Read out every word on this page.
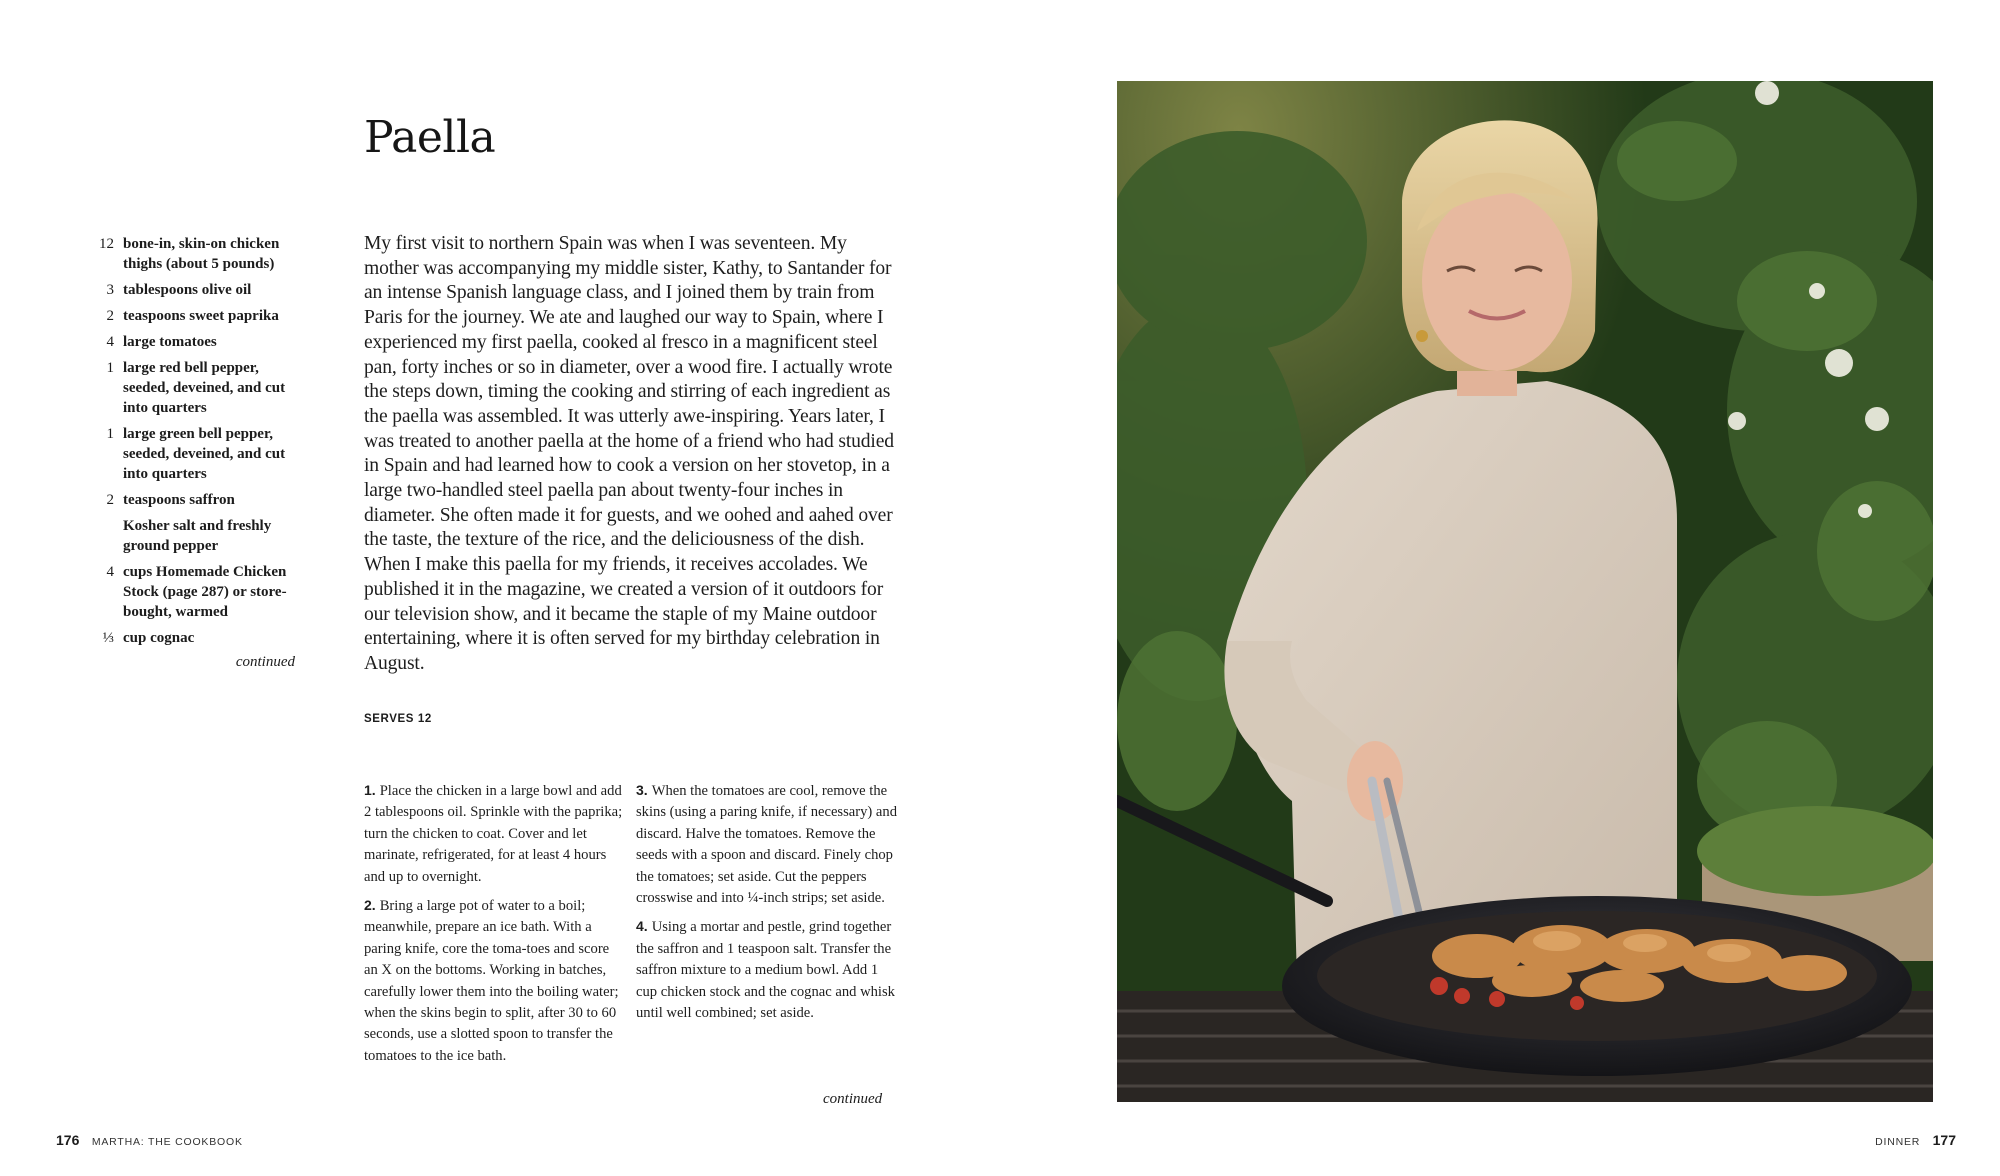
Paella
12 bone-in, skin-on chicken thighs (about 5 pounds)
3 tablespoons olive oil
2 teaspoons sweet paprika
4 large tomatoes
1 large red bell pepper, seeded, deveined, and cut into quarters
1 large green bell pepper, seeded, deveined, and cut into quarters
2 teaspoons saffron
Kosher salt and freshly ground pepper
4 cups Homemade Chicken Stock (page 287) or store-bought, warmed
⅓ cup cognac
continued

My first visit to northern Spain was when I was seventeen. My mother was accompanying my middle sister, Kathy, to Santander for an intense Spanish language class, and I joined them by train from Paris for the journey. We ate and laughed our way to Spain, where I experienced my first paella, cooked al fresco in a magnificent steel pan, forty inches or so in diameter, over a wood fire. I actually wrote the steps down, timing the cooking and stirring of each ingredient as the paella was assembled. It was utterly awe-inspiring. Years later, I was treated to another paella at the home of a friend who had studied in Spain and had learned how to cook a version on her stovetop, in a large two-handled steel paella pan about twenty-four inches in diameter. She often made it for guests, and we oohed and aahed over the taste, the texture of the rice, and the deliciousness of the dish. When I make this paella for my friends, it receives accolades. We published it in the magazine, we created a version of it outdoors for our television show, and it became the staple of my Maine outdoor entertaining, where it is often served for my birthday celebration in August.

SERVES 12

1. Place the chicken in a large bowl and add 2 tablespoons oil. Sprinkle with the paprika; turn the chicken to coat. Cover and let marinate, refrigerated, for at least 4 hours and up to overnight.

2. Bring a large pot of water to a boil; meanwhile, prepare an ice bath. With a paring knife, core the toma-toes and score an X on the bottoms. Working in batches, carefully lower them into the boiling water; when the skins begin to split, after 30 to 60 seconds, use a slotted spoon to transfer the tomatoes to the ice bath.

3. When the tomatoes are cool, remove the skins (using a paring knife, if necessary) and discard. Halve the tomatoes. Remove the seeds with a spoon and discard. Finely chop the tomatoes; set aside. Cut the peppers crosswise and into ¼-inch strips; set aside.

4. Using a mortar and pestle, grind together the saffron and 1 teaspoon salt. Transfer the saffron mixture to a medium bowl. Add 1 cup chicken stock and the cognac and whisk until well combined; set aside.

continued
176 MARTHA: THE COOKBOOK	DINNER 177
